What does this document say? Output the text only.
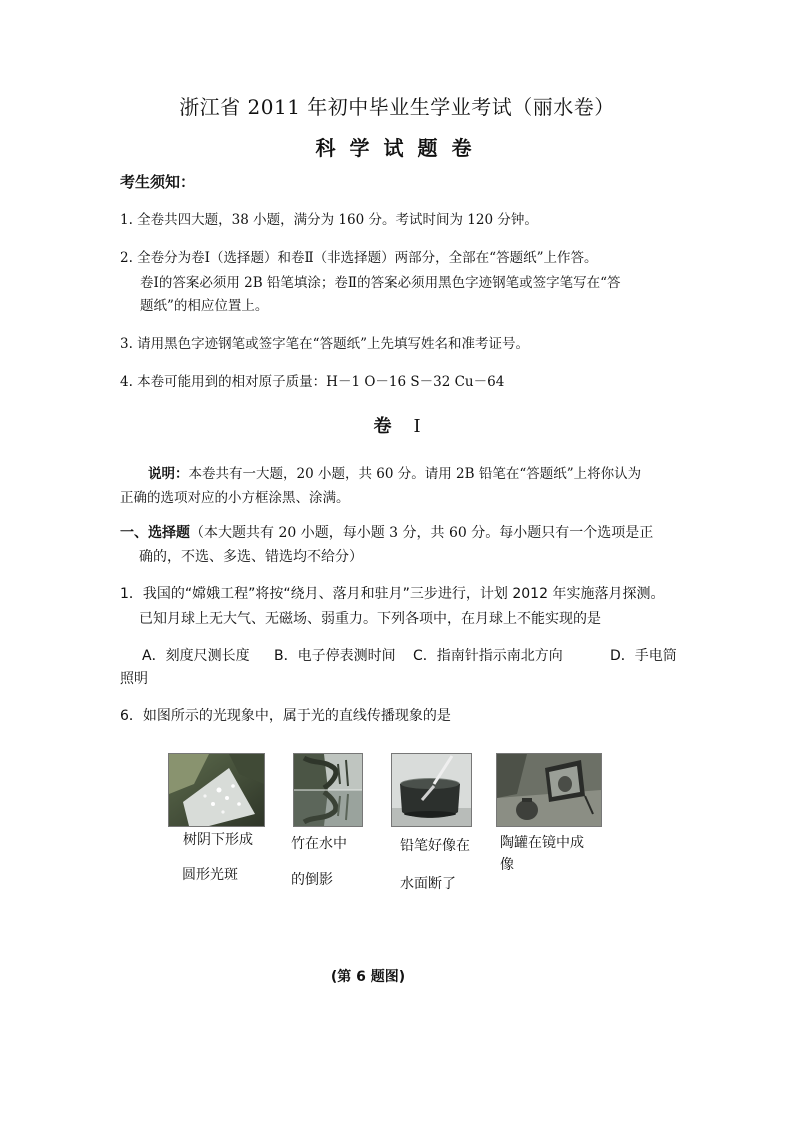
浙江省 2011 年初中毕业生学业考试（丽水卷）
科学试题卷
考生须知：
1. 全卷共四大题，38 小题，满分为 160 分。考试时间为 120 分钟。
2. 全卷分为卷Ⅰ（选择题）和卷Ⅱ（非选择题）两部分，全部在“答题纸”上作答。
卷Ⅰ的答案必须用 2B 铅笔填涂；卷Ⅱ的答案必须用黑色字迹钢笔或签字笔写在“答
题纸”的相应位置上。
3. 请用黑色字迹钢笔或签字笔在“答题纸”上先填写姓名和准考证号。
4. 本卷可能用到的相对原子质量：H－1 O－16 S－32 Cu－64
卷 I
说明：本卷共有一大题，20 小题，共 60 分。请用 2B 铅笔在“答题纸”上将你认为
正确的选项对应的小方框涂黑、涂满。
一、选择题（本大题共有 20 小题，每小题 3 分，共 60 分。每小题只有一个选项是正
确的，不选、多选、错选均不给分）
1．我国的“嫦娥工程”将按“绕月、落月和驻月”三步进行，计划 2012 年实施落月探测。
已知月球上无大气、无磁场、弱重力。下列各项中，在月球上不能实现的是
A．刻度尺测长度 B．电子停表测时间 C．指南针指示南北方向	D．手电筒
照明
6．如图所示的光现象中，属于光的直线传播现象的是
树阴下形成
圆形光斑
竹在水中
的倒影
铅笔好像在
水面断了
陶罐在镜中成
像
(第 6 题图)
